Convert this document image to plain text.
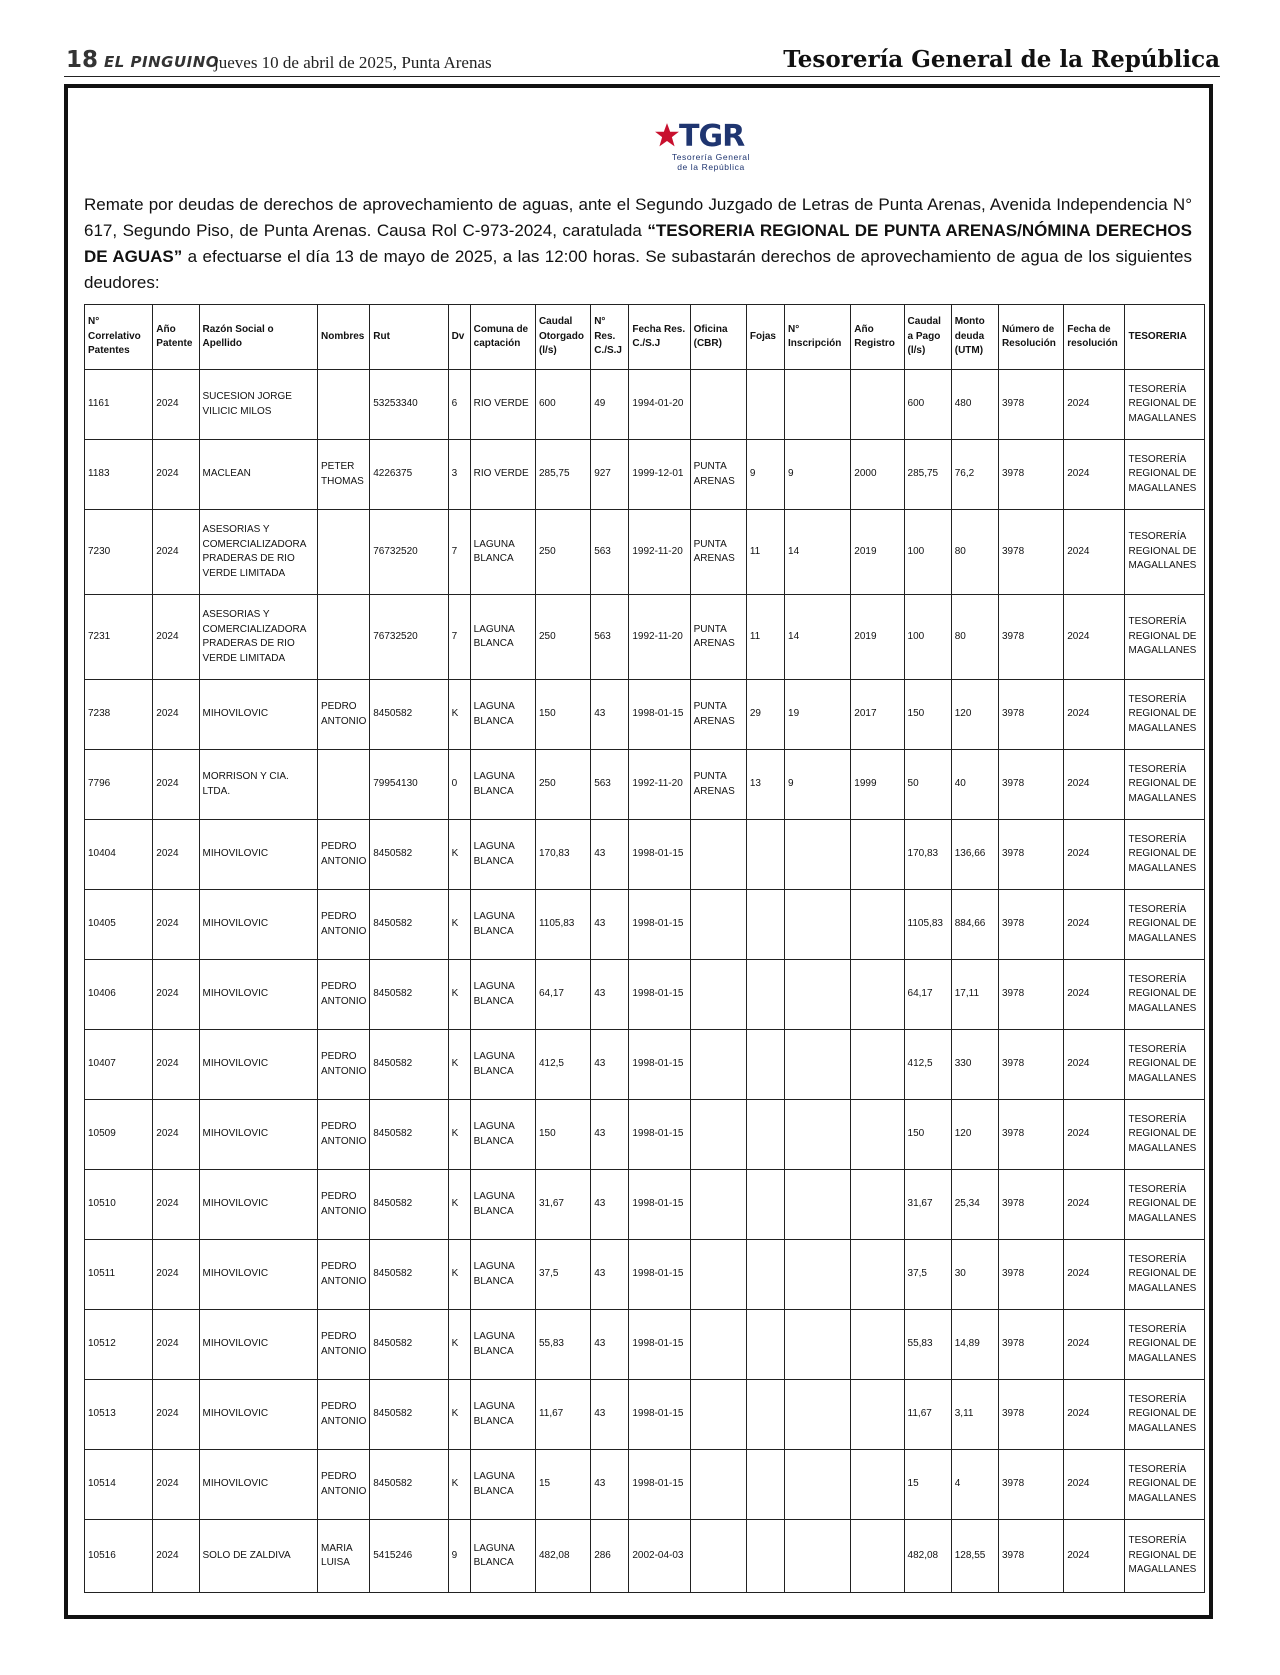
18 EL PINGUINO
jueves 10 de abril de 2025, Punta Arenas	Tesorería General de la República
TGR
Tesorería General
de la República
Remate por deudas de derechos de aprovechamiento de aguas, ante el Segundo Juzgado de Letras de Punta Arenas, Avenida Independencia N° 617, Segundo Piso, de Punta Arenas. Causa Rol C-973-2024, caratulada “TESORERIA REGIONAL DE PUNTA ARENAS/NÓMINA DERECHOS DE AGUAS” a efectuarse el día 13 de mayo de 2025, a las 12:00 horas. Se subastarán derechos de aprovechamiento de agua de los siguientes deudores:
N° Correlativo Patentes	Año Patente	Razón Social o Apellido	Nombres	Rut	Dv	Comuna de captación	Caudal Otorgado (l/s)	N° Res. C./S.J	Fecha Res. C./S.J	Oficina (CBR)	Fojas	N° Inscripción	Año Registro	Caudal a Pago (l/s)	Monto deuda (UTM)	Número de Resolución	Fecha de resolución	TESORERIA
1161	2024	SUCESION JORGE VILICIC MILOS		53253340	6	RIO VERDE	600	49	1994-01-20					600	480	3978	2024	TESORERÍA REGIONAL DE MAGALLANES
1183	2024	MACLEAN	PETER THOMAS	4226375	3	RIO VERDE	285,75	927	1999-12-01	PUNTA ARENAS	9	9	2000	285,75	76,2	3978	2024	TESORERÍA REGIONAL DE MAGALLANES
7230	2024	ASESORIAS Y COMERCIALIZADORA PRADERAS DE RIO VERDE LIMITADA		76732520	7	LAGUNA BLANCA	250	563	1992-11-20	PUNTA ARENAS	11	14	2019	100	80	3978	2024	TESORERÍA REGIONAL DE MAGALLANES
7231	2024	ASESORIAS Y COMERCIALIZADORA PRADERAS DE RIO VERDE LIMITADA		76732520	7	LAGUNA BLANCA	250	563	1992-11-20	PUNTA ARENAS	11	14	2019	100	80	3978	2024	TESORERÍA REGIONAL DE MAGALLANES
7238	2024	MIHOVILOVIC	PEDRO ANTONIO	8450582	K	LAGUNA BLANCA	150	43	1998-01-15	PUNTA ARENAS	29	19	2017	150	120	3978	2024	TESORERÍA REGIONAL DE MAGALLANES
7796	2024	MORRISON Y CIA. LTDA.		79954130	0	LAGUNA BLANCA	250	563	1992-11-20	PUNTA ARENAS	13	9	1999	50	40	3978	2024	TESORERÍA REGIONAL DE MAGALLANES
10404	2024	MIHOVILOVIC	PEDRO ANTONIO	8450582	K	LAGUNA BLANCA	170,83	43	1998-01-15					170,83	136,66	3978	2024	TESORERÍA REGIONAL DE MAGALLANES
10405	2024	MIHOVILOVIC	PEDRO ANTONIO	8450582	K	LAGUNA BLANCA	1105,83	43	1998-01-15					1105,83	884,66	3978	2024	TESORERÍA REGIONAL DE MAGALLANES
10406	2024	MIHOVILOVIC	PEDRO ANTONIO	8450582	K	LAGUNA BLANCA	64,17	43	1998-01-15					64,17	17,11	3978	2024	TESORERÍA REGIONAL DE MAGALLANES
10407	2024	MIHOVILOVIC	PEDRO ANTONIO	8450582	K	LAGUNA BLANCA	412,5	43	1998-01-15					412,5	330	3978	2024	TESORERÍA REGIONAL DE MAGALLANES
10509	2024	MIHOVILOVIC	PEDRO ANTONIO	8450582	K	LAGUNA BLANCA	150	43	1998-01-15					150	120	3978	2024	TESORERÍA REGIONAL DE MAGALLANES
10510	2024	MIHOVILOVIC	PEDRO ANTONIO	8450582	K	LAGUNA BLANCA	31,67	43	1998-01-15					31,67	25,34	3978	2024	TESORERÍA REGIONAL DE MAGALLANES
10511	2024	MIHOVILOVIC	PEDRO ANTONIO	8450582	K	LAGUNA BLANCA	37,5	43	1998-01-15					37,5	30	3978	2024	TESORERÍA REGIONAL DE MAGALLANES
10512	2024	MIHOVILOVIC	PEDRO ANTONIO	8450582	K	LAGUNA BLANCA	55,83	43	1998-01-15					55,83	14,89	3978	2024	TESORERÍA REGIONAL DE MAGALLANES
10513	2024	MIHOVILOVIC	PEDRO ANTONIO	8450582	K	LAGUNA BLANCA	11,67	43	1998-01-15					11,67	3,11	3978	2024	TESORERÍA REGIONAL DE MAGALLANES
10514	2024	MIHOVILOVIC	PEDRO ANTONIO	8450582	K	LAGUNA BLANCA	15	43	1998-01-15					15	4	3978	2024	TESORERÍA REGIONAL DE MAGALLANES
10516	2024	SOLO DE ZALDIVA	MARIA LUISA	5415246	9	LAGUNA BLANCA	482,08	286	2002-04-03					482,08	128,55	3978	2024	TESORERÍA REGIONAL DE MAGALLANES
